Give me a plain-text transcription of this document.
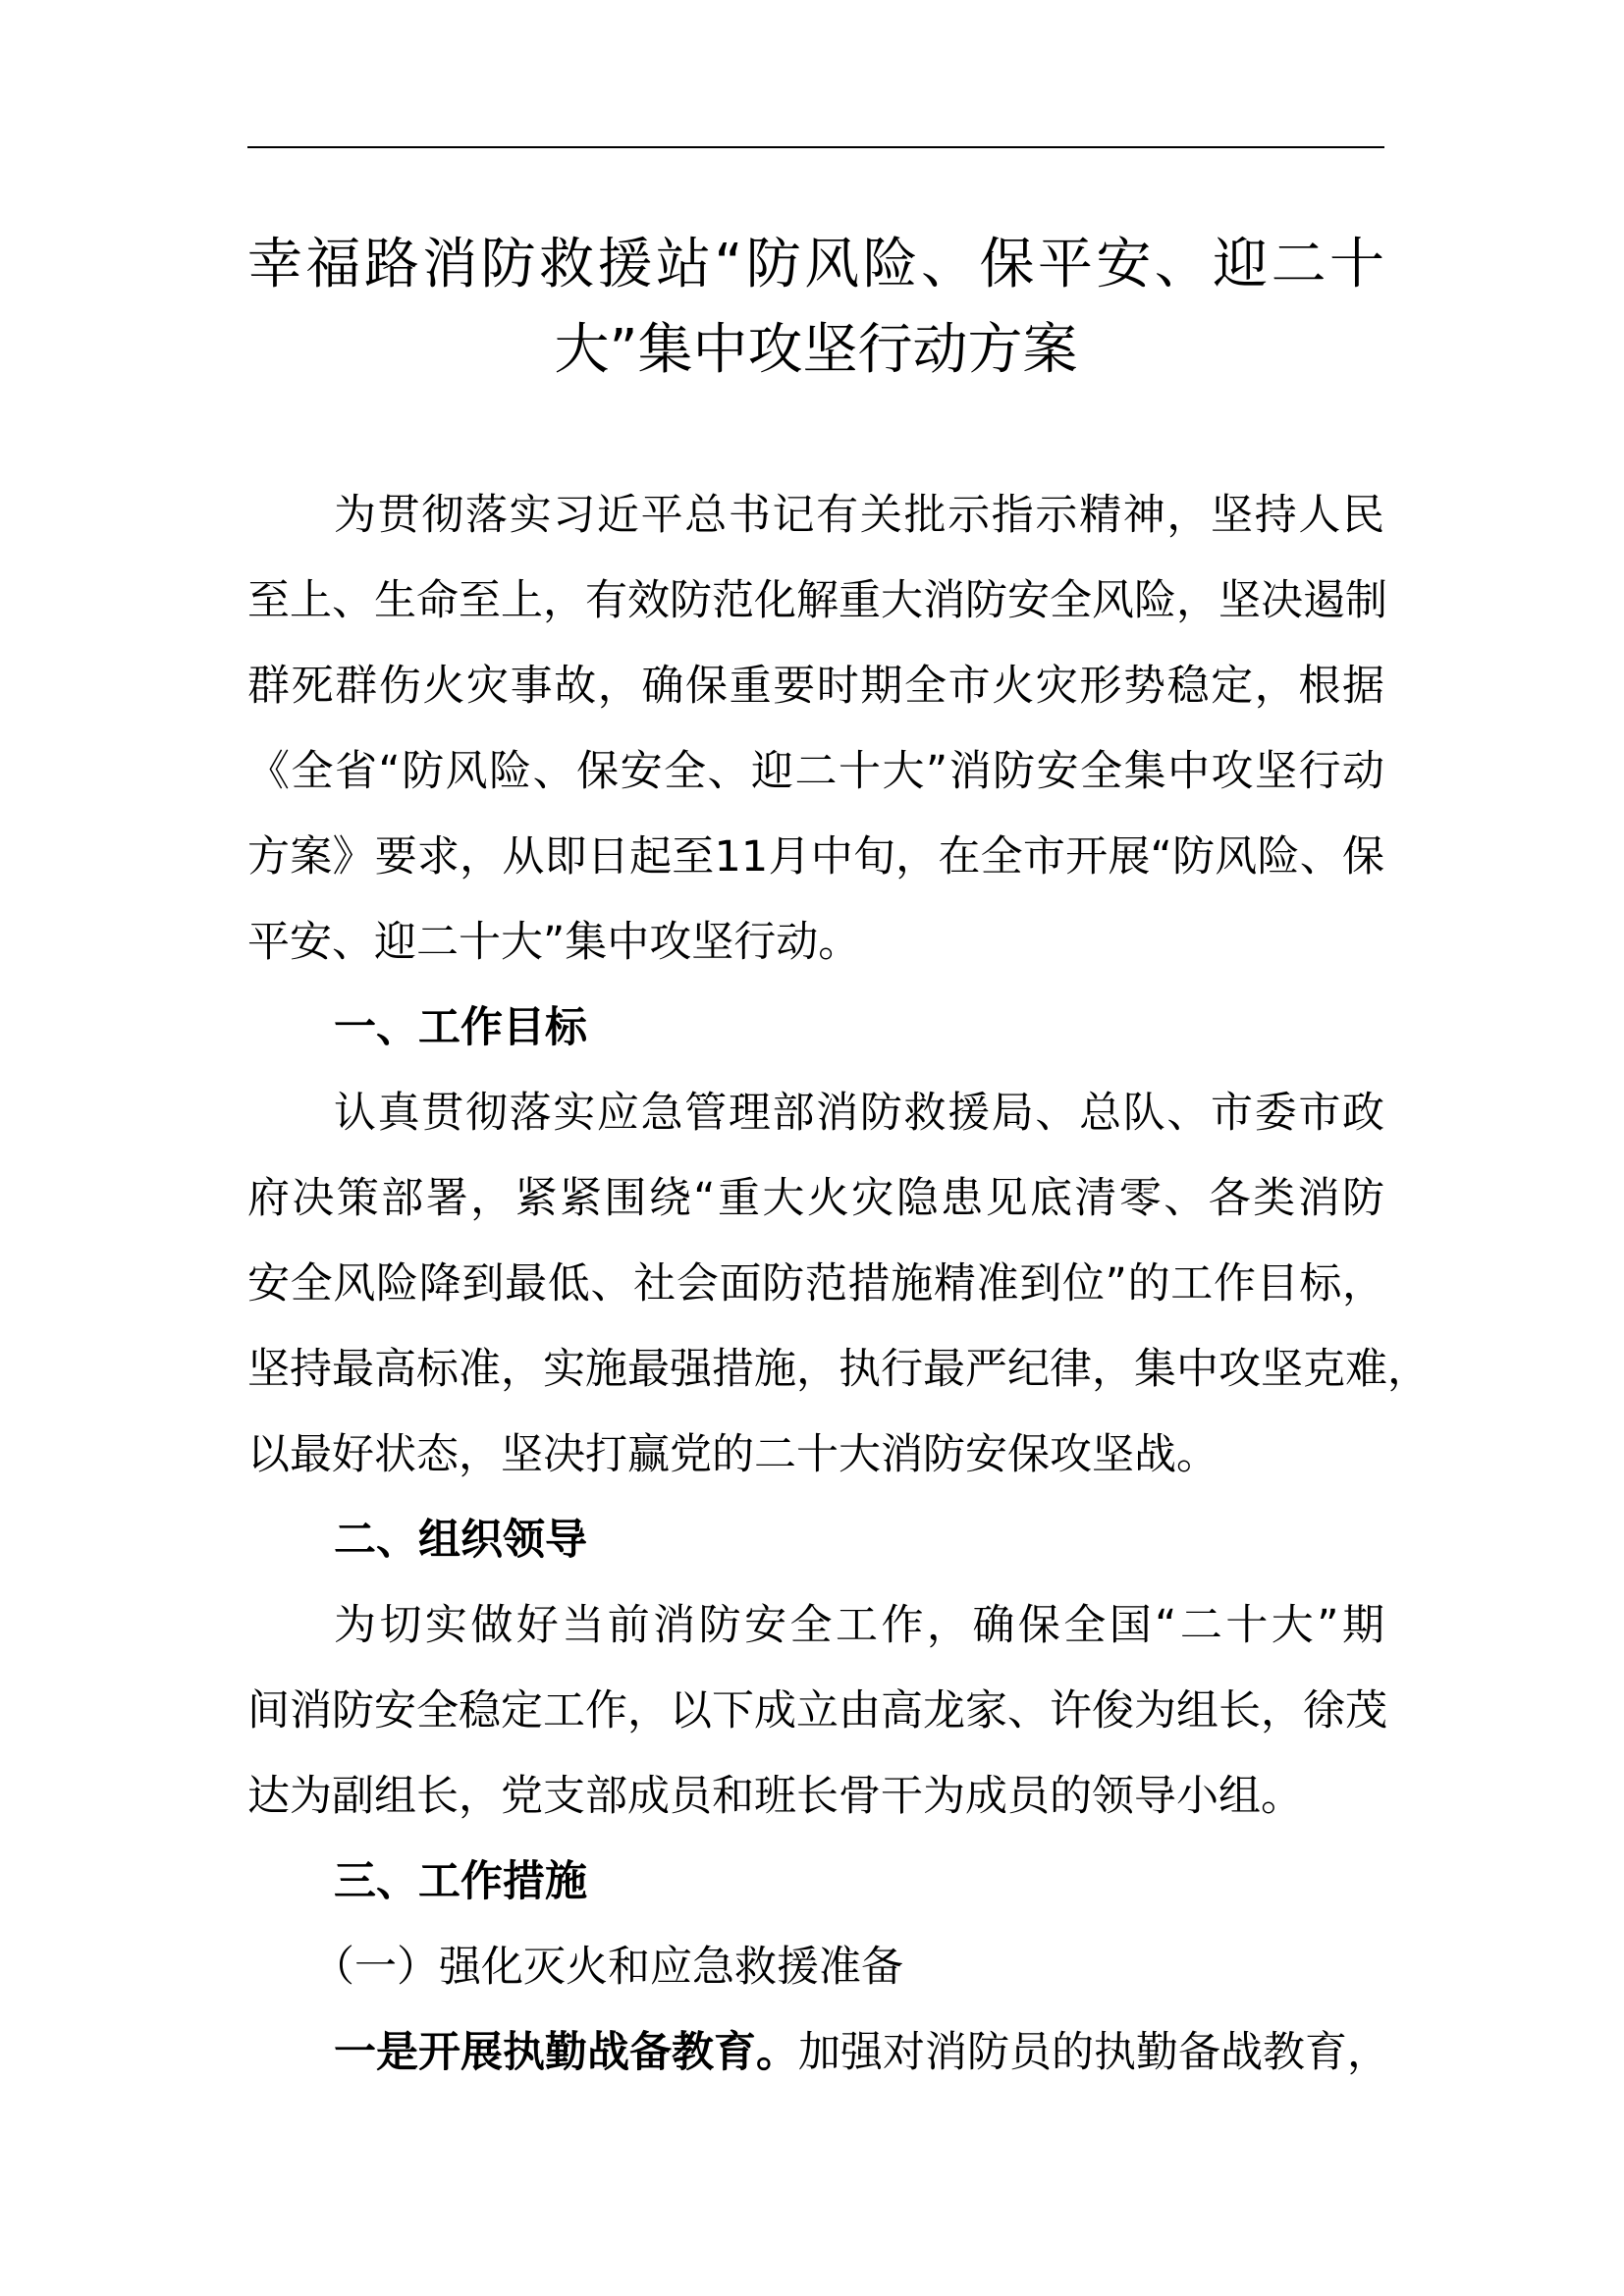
幸福路消防救援站“防风险、保平安、迎二十
大”集中攻坚行动方案
为贯彻落实习近平总书记有关批示指示精神，坚持人民
至上、生命至上，有效防范化解重大消防安全风险，坚决遏制
群死群伤火灾事故，确保重要时期全市火灾形势稳定，根据
《全省“防风险、保安全、迎二十大”消防安全集中攻坚行动
方案》要求，从即日起至11月中旬，在全市开展“防风险、保
平安、迎二十大”集中攻坚行动。
一、工作目标
认真贯彻落实应急管理部消防救援局、总队、市委市政
府决策部署，紧紧围绕“重大火灾隐患见底清零、各类消防
安全风险降到最低、社会面防范措施精准到位”的工作目标，
坚持最高标准，实施最强措施，执行最严纪律，集中攻坚克难，
以最好状态，坚决打赢党的二十大消防安保攻坚战。
二、组织领导
为切实做好当前消防安全工作，确保全国“二十大”期
间消防安全稳定工作，以下成立由高龙家、许俊为组长，徐茂
达为副组长，党支部成员和班长骨干为成员的领导小组。
三、工作措施
（一）强化灭火和应急救援准备
一是开展执勤战备教育。加强对消防员的执勤备战教育，
